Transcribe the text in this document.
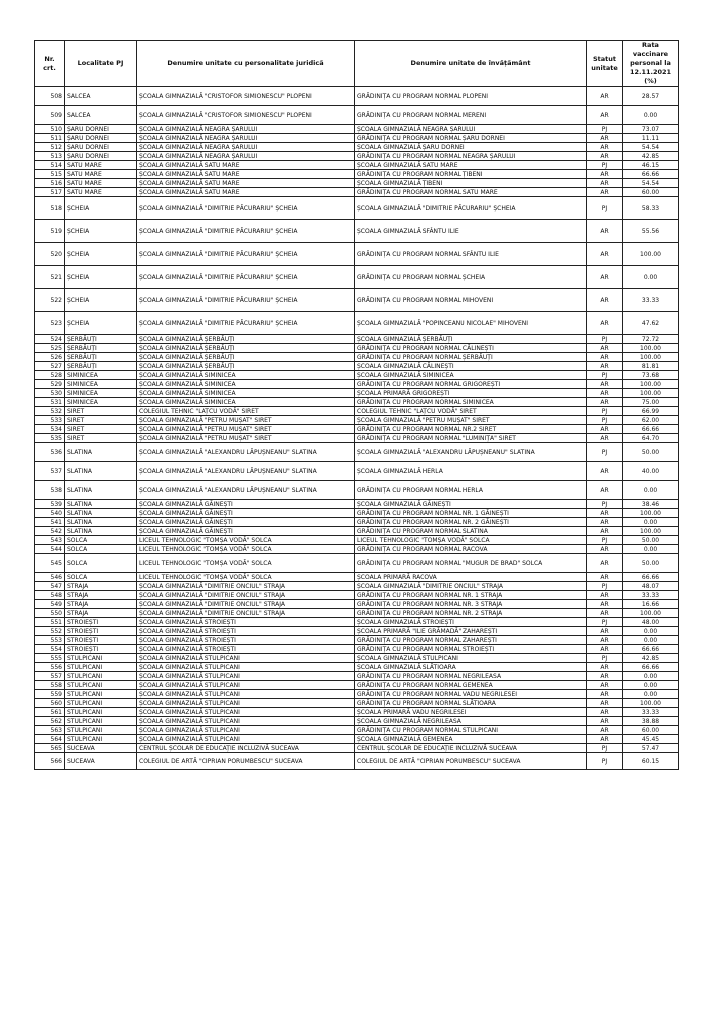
Nr. crt.	Localitate PJ	Denumire unitate cu personalitate juridică	Denumire unitate de învățământ	Statut unitate	Rata vaccinare personal la 12.11.2021 (%)
508	SALCEA	ȘCOALA GIMNAZIALĂ "CRISTOFOR SIMIONESCU" PLOPENI	GRĂDINIȚA CU PROGRAM NORMAL PLOPENI	AR	28.57
509	SALCEA	ȘCOALA GIMNAZIALĂ "CRISTOFOR SIMIONESCU" PLOPENI	GRĂDINIȚA CU PROGRAM NORMAL MERENI	AR	0.00
510	ȘARU DORNEI	ȘCOALA GIMNAZIALĂ NEAGRA ȘARULUI	ȘCOALA GIMNAZIALĂ NEAGRA ȘARULUI	PJ	73.07
511	ȘARU DORNEI	ȘCOALA GIMNAZIALĂ NEAGRA ȘARULUI	GRĂDINIȚA CU PROGRAM NORMAL ȘARU DORNEI	AR	11.11
512	ȘARU DORNEI	ȘCOALA GIMNAZIALĂ NEAGRA ȘARULUI	ȘCOALA GIMNAZIALĂ ȘARU DORNEI	AR	54.54
513	ȘARU DORNEI	ȘCOALA GIMNAZIALĂ NEAGRA ȘARULUI	GRĂDINIȚA CU PROGRAM NORMAL NEAGRA ȘARULUI	AR	42.85
514	SATU MARE	ȘCOALA GIMNAZIALĂ SATU MARE	ȘCOALA GIMNAZIALĂ SATU MARE	PJ	46.15
515	SATU MARE	ȘCOALA GIMNAZIALĂ SATU MARE	GRĂDINIȚA CU PROGRAM NORMAL ȚIBENI	AR	66.66
516	SATU MARE	ȘCOALA GIMNAZIALĂ SATU MARE	ȘCOALA GIMNAZIALĂ ȚIBENI	AR	54.54
517	SATU MARE	ȘCOALA GIMNAZIALĂ SATU MARE	GRĂDINIȚA CU PROGRAM NORMAL SATU MARE	AR	60.00
518	ȘCHEIA	ȘCOALA GIMNAZIALĂ "DIMITRIE PĂCURARIU" ȘCHEIA	ȘCOALA GIMNAZIALĂ "DIMITRIE PĂCURARIU" ȘCHEIA	PJ	58.33
519	ȘCHEIA	ȘCOALA GIMNAZIALĂ "DIMITRIE PĂCURARIU" ȘCHEIA	ȘCOALA GIMNAZIALĂ SFÂNTU ILIE	AR	55.56
520	ȘCHEIA	ȘCOALA GIMNAZIALĂ "DIMITRIE PĂCURARIU" ȘCHEIA	GRĂDINIȚA CU PROGRAM NORMAL SFÂNTU ILIE	AR	100.00
521	ȘCHEIA	ȘCOALA GIMNAZIALĂ "DIMITRIE PĂCURARIU" ȘCHEIA	GRĂDINIȚA CU PROGRAM NORMAL ȘCHEIA	AR	0.00
522	ȘCHEIA	ȘCOALA GIMNAZIALĂ "DIMITRIE PĂCURARIU" ȘCHEIA	GRĂDINIȚA CU PROGRAM NORMAL MIHOVENI	AR	33.33
523	ȘCHEIA	ȘCOALA GIMNAZIALĂ "DIMITRIE PĂCURARIU" ȘCHEIA	ȘCOALA GIMNAZIALĂ "POPINCEANU NICOLAE" MIHOVENI	AR	47.62
524	ȘERBĂUȚI	ȘCOALA GIMNAZIALĂ ȘERBĂUȚI	ȘCOALA GIMNAZIALĂ ȘERBĂUȚI	PJ	72.72
525	ȘERBĂUȚI	ȘCOALA GIMNAZIALĂ ȘERBĂUȚI	GRĂDINIȚA CU PROGRAM NORMAL CĂLINEȘTI	AR	100.00
526	ȘERBĂUȚI	ȘCOALA GIMNAZIALĂ ȘERBĂUȚI	GRĂDINIȚA CU PROGRAM NORMAL ȘERBĂUȚI	AR	100.00
527	ȘERBĂUȚI	ȘCOALA GIMNAZIALĂ ȘERBĂUȚI	ȘCOALA GIMNAZIALĂ CĂLINEȘTI	AR	81.81
528	SIMINICEA	ȘCOALA GIMNAZIALĂ SIMINICEA	ȘCOALA GIMNAZIALĂ SIMINICEA	PJ	73.68
529	SIMINICEA	ȘCOALA GIMNAZIALĂ SIMINICEA	GRĂDINIȚA CU PROGRAM NORMAL GRIGOREȘTI	AR	100.00
530	SIMINICEA	ȘCOALA GIMNAZIALĂ SIMINICEA	ȘCOALA PRIMARĂ GRIGOREȘTI	AR	100.00
531	SIMINICEA	ȘCOALA GIMNAZIALĂ SIMINICEA	GRĂDINIȚA CU PROGRAM NORMAL SIMINICEA	AR	75.00
532	SIRET	COLEGIUL TEHNIC "LAȚCU VODĂ" SIRET	COLEGIUL TEHNIC "LAȚCU VODĂ" SIRET	PJ	66.99
533	SIRET	ȘCOALA GIMNAZIALĂ "PETRU MUȘAT" SIRET	ȘCOALA GIMNAZIALĂ "PETRU MUȘAT" SIRET	PJ	62.00
534	SIRET	ȘCOALA GIMNAZIALĂ "PETRU MUȘAT" SIRET	GRĂDINIȚA CU PROGRAM NORMAL NR.2 SIRET	AR	66.66
535	SIRET	ȘCOALA GIMNAZIALĂ "PETRU MUȘAT" SIRET	GRĂDINIȚA CU PROGRAM NORMAL "LUMINIȚA" SIRET	AR	64.70
536	SLATINA	ȘCOALA GIMNAZIALĂ "ALEXANDRU LĂPUȘNEANU" SLATINA	ȘCOALA GIMNAZIALĂ "ALEXANDRU LĂPUȘNEANU" SLATINA	PJ	50.00
537	SLATINA	ȘCOALA GIMNAZIALĂ "ALEXANDRU LĂPUȘNEANU" SLATINA	ȘCOALA GIMNAZIALĂ HERLA	AR	40.00
538	SLATINA	ȘCOALA GIMNAZIALĂ "ALEXANDRU LĂPUȘNEANU" SLATINA	GRĂDINIȚA CU PROGRAM NORMAL HERLA	AR	0.00
539	SLATINA	ȘCOALA GIMNAZIALĂ GĂINEȘTI	ȘCOALA GIMNAZIALĂ GĂINEȘTI	PJ	38.46
540	SLATINA	ȘCOALA GIMNAZIALĂ GĂINEȘTI	GRĂDINIȚA CU PROGRAM NORMAL NR. 1 GĂINEȘTI	AR	100.00
541	SLATINA	ȘCOALA GIMNAZIALĂ GĂINEȘTI	GRĂDINIȚA CU PROGRAM NORMAL NR. 2 GĂINEȘTI	AR	0.00
542	SLATINA	ȘCOALA GIMNAZIALĂ GĂINEȘTI	GRĂDINIȚA CU PROGRAM NORMAL SLATINA	AR	100.00
543	SOLCA	LICEUL TEHNOLOGIC "TOMȘA VODĂ" SOLCA	LICEUL TEHNOLOGIC "TOMȘA VODĂ" SOLCA	PJ	50.00
544	SOLCA	LICEUL TEHNOLOGIC "TOMȘA VODĂ" SOLCA	GRĂDINIȚA CU PROGRAM NORMAL RACOVA	AR	0.00
545	SOLCA	LICEUL TEHNOLOGIC "TOMȘA VODĂ" SOLCA	GRĂDINIȚA CU PROGRAM NORMAL "MUGUR DE BRAD" SOLCA	AR	50.00
546	SOLCA	LICEUL TEHNOLOGIC "TOMȘA VODĂ" SOLCA	ȘCOALA PRIMARĂ RACOVA	AR	66.66
547	STRAJA	ȘCOALA GIMNAZIALĂ "DIMITRIE ONCIUL" STRAJA	ȘCOALA GIMNAZIALĂ "DIMITRIE ONCIUL" STRAJA	PJ	48.07
548	STRAJA	ȘCOALA GIMNAZIALĂ "DIMITRIE ONCIUL" STRAJA	GRĂDINIȚA CU PROGRAM NORMAL NR. 1 STRAJA	AR	33.33
549	STRAJA	ȘCOALA GIMNAZIALĂ "DIMITRIE ONCIUL" STRAJA	GRĂDINIȚA CU PROGRAM NORMAL NR. 3 STRAJA	AR	16.66
550	STRAJA	ȘCOALA GIMNAZIALĂ "DIMITRIE ONCIUL" STRAJA	GRĂDINIȚA CU PROGRAM NORMAL NR. 2 STRAJA	AR	100.00
551	STROIEȘTI	ȘCOALA GIMNAZIALĂ STROIEȘTI	ȘCOALA GIMNAZIALĂ STROIEȘTI	PJ	48.00
552	STROIEȘTI	ȘCOALA GIMNAZIALĂ STROIEȘTI	ȘCOALA PRIMARĂ "ILIE GRĂMADĂ" ZAHAREȘTI	AR	0.00
553	STROIEȘTI	ȘCOALA GIMNAZIALĂ STROIEȘTI	GRĂDINIȚA CU PROGRAM NORMAL ZAHAREȘTI	AR	0.00
554	STROIEȘTI	ȘCOALA GIMNAZIALĂ STROIEȘTI	GRĂDINIȚA CU PROGRAM NORMAL STROIEȘTI	AR	66.66
555	STULPICANI	ȘCOALA GIMNAZIALĂ STULPICANI	ȘCOALA GIMNAZIALĂ STULPICANI	PJ	42.85
556	STULPICANI	ȘCOALA GIMNAZIALĂ STULPICANI	ȘCOALA GIMNAZIALĂ SLĂTIOARA	AR	66.66
557	STULPICANI	ȘCOALA GIMNAZIALĂ STULPICANI	GRĂDINIȚA CU PROGRAM NORMAL NEGRILEASA	AR	0.00
558	STULPICANI	ȘCOALA GIMNAZIALĂ STULPICANI	GRĂDINIȚA CU PROGRAM NORMAL GEMENEA	AR	0.00
559	STULPICANI	ȘCOALA GIMNAZIALĂ STULPICANI	GRĂDINIȚA CU PROGRAM NORMAL VADU NEGRILESEI	AR	0.00
560	STULPICANI	ȘCOALA GIMNAZIALĂ STULPICANI	GRĂDINIȚA CU PROGRAM NORMAL SLĂTIOARA	AR	100.00
561	STULPICANI	ȘCOALA GIMNAZIALĂ STULPICANI	ȘCOALA PRIMARĂ VADU NEGRILESEI	AR	33.33
562	STULPICANI	ȘCOALA GIMNAZIALĂ STULPICANI	ȘCOALA GIMNAZIALĂ NEGRILEASA	AR	38.88
563	STULPICANI	ȘCOALA GIMNAZIALĂ STULPICANI	GRĂDINIȚA CU PROGRAM NORMAL STULPICANI	AR	60.00
564	STULPICANI	ȘCOALA GIMNAZIALĂ STULPICANI	ȘCOALA GIMNAZIALĂ GEMENEA	AR	45.45
565	SUCEAVA	CENTRUL ȘCOLAR DE EDUCAȚIE INCLUZIVĂ SUCEAVA	CENTRUL ȘCOLAR DE EDUCAȚIE INCLUZIVĂ SUCEAVA	PJ	57.47
566	SUCEAVA	COLEGIUL DE ARTĂ "CIPRIAN PORUMBESCU" SUCEAVA	COLEGIUL DE ARTĂ "CIPRIAN PORUMBESCU" SUCEAVA	PJ	60.15
